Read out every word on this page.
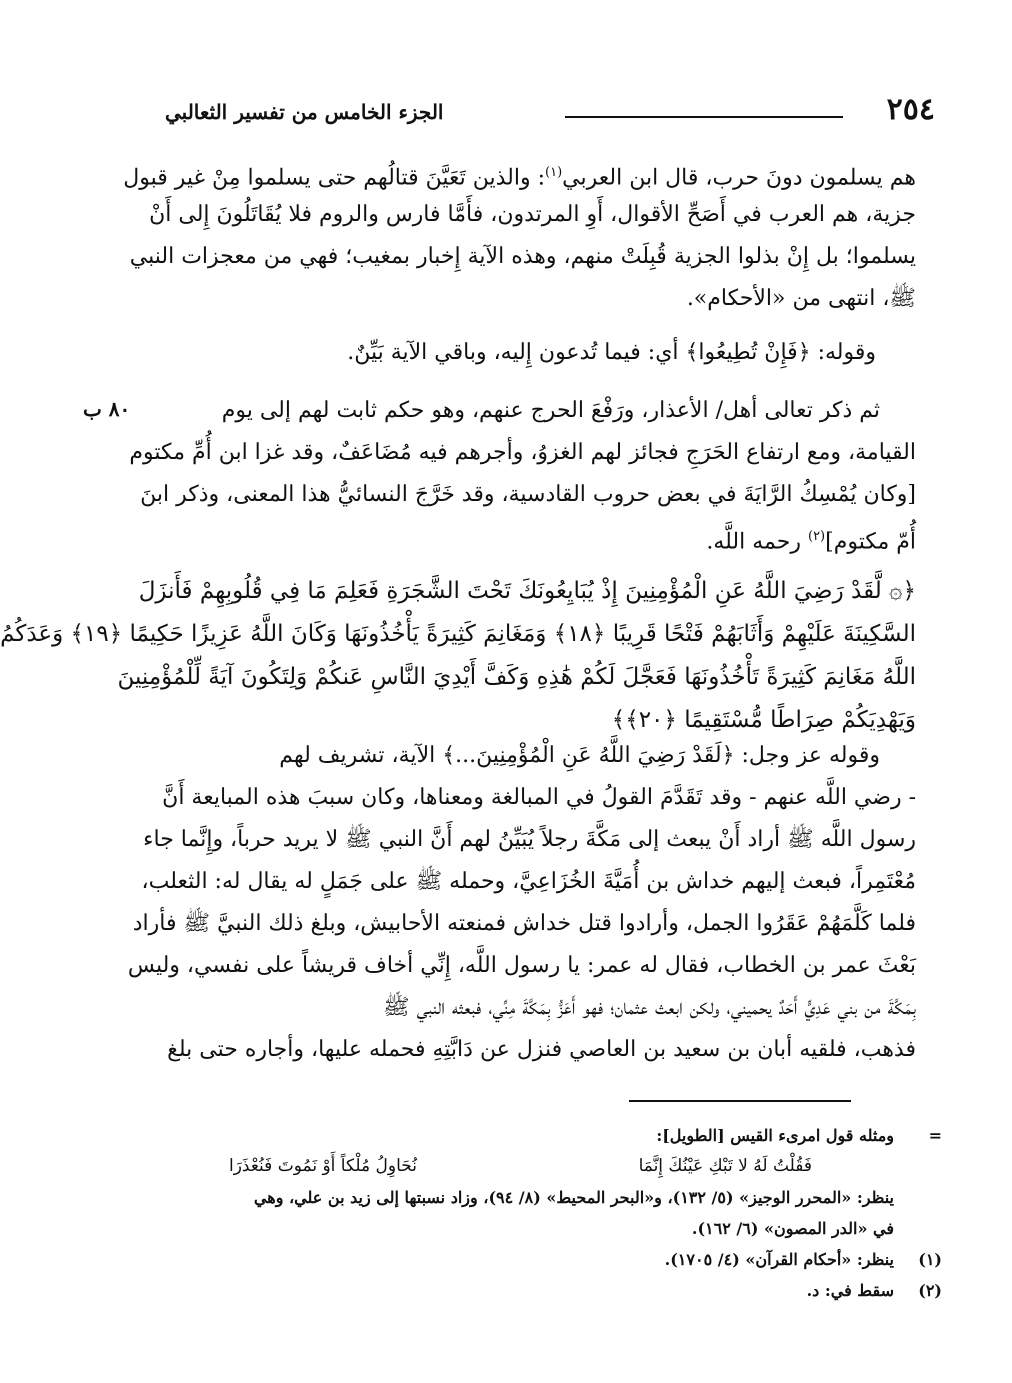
٢٥٤
الجزء الخامس من تفسير الثعالبي
هم يسلمون دونَ حرب، قال ابن العربي$^{(١)}$: والذين تَعَيَّنَ قتالُهم حتى يسلموا مِنْ غير قبول
جزية، هم العرب في أَصَحِّ الأقوال، أَوِ المرتدون، فأَمَّا فارس والروم فلا يُقَاتَلُونَ إِلى أَنْ
يسلموا؛ بل إِنْ بذلوا الجزية قُبِلَتْ منهم، وهذه الآية إِخبار بمغيب؛ فهي من معجزات النبي
ﷺ، انتهى من «الأحكام».
وقوله: ﴿فَإِنْ تُطِيعُوا﴾ أي: فيما تُدعون إِليه، وباقي الآية بَيِّنٌ.
٨٠ ب	ثم ذكر تعالى أهل/ الأعذار، ورَفْعَ الحرج عنهم، وهو حكم ثابت لهم إلى يوم
القيامة، ومع ارتفاع الحَرَجِ فجائز لهم الغزوُ، وأجرهم فيه مُضَاعَفٌ، وقد غزا ابن أُمِّ مكتوم
[وكان يُمْسِكُ الرَّايَةَ في بعض حروب القادسية، وقد خَرَّجَ النسائيُّ هذا المعنى، وذكر ابنَ
أُمّ مكتوم]$^{(٢)}$ رحمه اللَّه.
﴿۞ لَّقَدْ رَضِيَ اللَّهُ عَنِ الْمُؤْمِنِينَ إِذْ يُبَايِعُونَكَ تَحْتَ الشَّجَرَةِ فَعَلِمَ مَا فِي قُلُوبِهِمْ فَأَنزَلَ
السَّكِينَةَ عَلَيْهِمْ وَأَثَابَهُمْ فَتْحًا قَرِيبًا ﴿١٨﴾ وَمَغَانِمَ كَثِيرَةً يَأْخُذُونَهَا وَكَانَ اللَّهُ عَزِيزًا حَكِيمًا ﴿١٩﴾ وَعَدَكُمُ
اللَّهُ مَغَانِمَ كَثِيرَةً تَأْخُذُونَهَا فَعَجَّلَ لَكُمْ هَٰذِهِ وَكَفَّ أَيْدِيَ النَّاسِ عَنكُمْ وَلِتَكُونَ آيَةً لِّلْمُؤْمِنِينَ
وَيَهْدِيَكُمْ صِرَاطًا مُّسْتَقِيمًا ﴿٢٠﴾﴾
وقوله عز وجل: ﴿لَقَدْ رَضِيَ اللَّهُ عَنِ الْمُؤْمِنِينَ...﴾ الآية، تشريف لهم
- رضي اللَّه عنهم - وقد تَقَدَّمَ القولُ في المبالغة ومعناها، وكان سببَ هذه المبايعة أَنَّ
رسول اللَّه ﷺ أراد أَنْ يبعث إلى مَكَّةَ رجلاً يُبَيِّنُ لهم أَنَّ النبي ﷺ لا يريد حرباً، وإِنَّما جاء
مُعْتَمِراً، فبعث إليهم خداش بن أُمَيَّةَ الخُزَاعِيَّ، وحمله ﷺ على جَمَلٍ له يقال له: الثعلب،
فلما كَلَّمَهُمْ عَقَرُوا الجمل، وأرادوا قتل خداش فمنعته الأحابيش، وبلغ ذلك النبيَّ ﷺ فأراد
بَعْثَ عمر بن الخطاب، فقال له عمر: يا رسول اللَّه، إِنِّي أخاف قريشاً على نفسي، وليس
بِمَكَّةَ من بني عَدِيٍّ أَحَدٌ يحميني، ولكن ابعث عثمان؛ فهو أَعَزُّ بِمَكَّةَ مِنِّي، فبعثه النبي ﷺ
فذهب، فلقيه أبان بن سعيد بن العاصي فنزل عن دَابَّتِهِ فحمله عليها، وأجاره حتى بلغ
=
ومثله قول امرىء القيس [الطويل]:
فَقُلْتُ لَهُ لا تَبْكِ عَيْنُكَ إِنَّمَا
نُحَاوِلُ مُلْكاً أَوْ نَمُوتَ فَنُعْذَرَا
ينظر: «المحرر الوجيز» (٥/ ١٣٢)، و«البحر المحيط» (٨/ ٩٤)، وزاد نسبتها إلى زيد بن علي، وهي
في «الدر المصون» (٦/ ١٦٢).
(١)
ينظر: «أحكام القرآن» (٤/ ١٧٠٥).
(٢)
سقط في: د.
